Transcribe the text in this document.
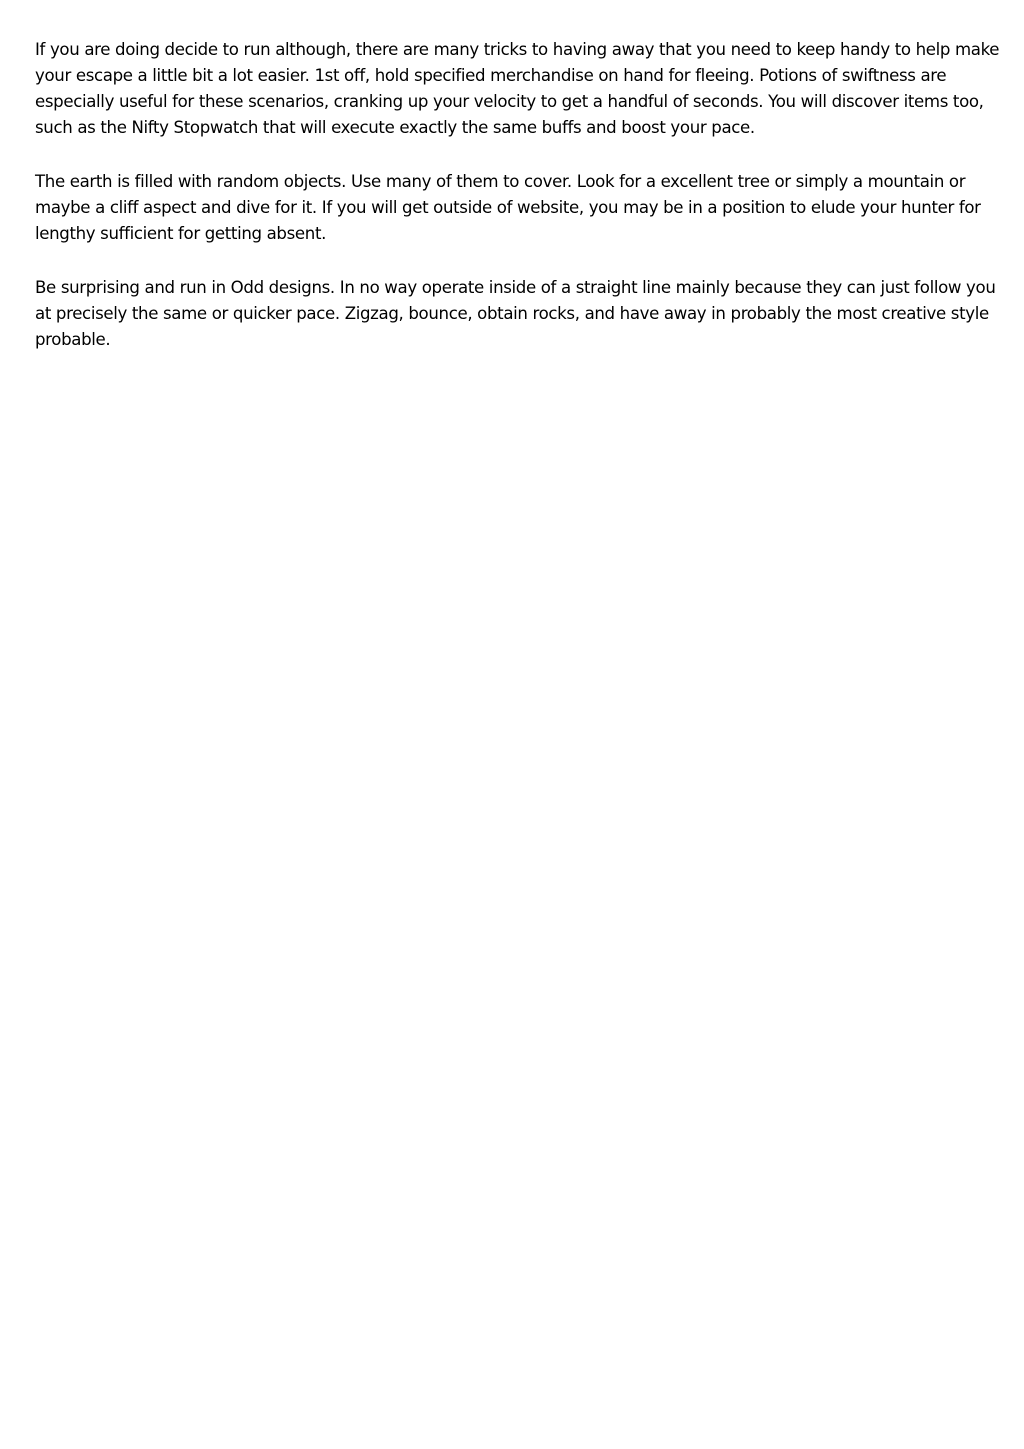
If you are doing decide to run although, there are many tricks to having away that you need to keep handy to help make your escape a little bit a lot easier. 1st off, hold specified merchandise on hand for fleeing. Potions of swiftness are especially useful for these scenarios, cranking up your velocity to get a handful of seconds. You will discover items too, such as the Nifty Stopwatch that will execute exactly the same buffs and boost your pace.

The earth is filled with random objects. Use many of them to cover. Look for a excellent tree or simply a mountain or maybe a cliff aspect and dive for it. If you will get outside of website, you may be in a position to elude your hunter for lengthy sufficient for getting absent.

Be surprising and run in Odd designs. In no way operate inside of a straight line mainly because they can just follow you at precisely the same or quicker pace. Zigzag, bounce, obtain rocks, and have away in probably the most creative style probable.
